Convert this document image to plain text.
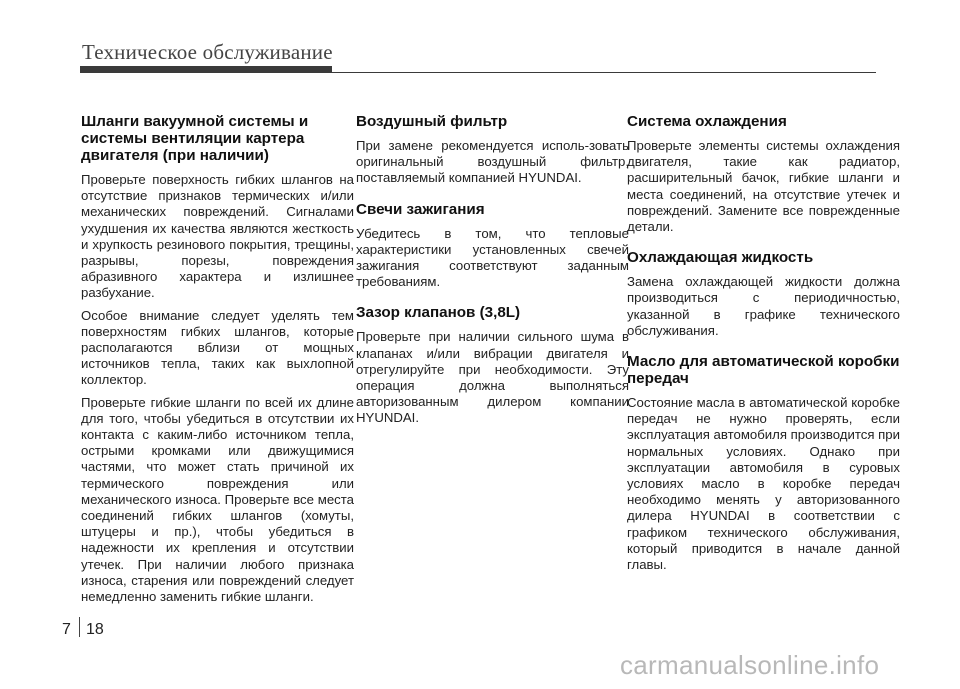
Техническое обслуживание
Шланги вакуумной системы и системы вентиляции картера двигателя (при наличии)

Проверьте поверхность гибких шлангов на отсутствие признаков термических и/или механических повреждений. Сигналами ухудшения их качества являются жесткость и хрупкость резинового покрытия, трещины, разрывы, порезы, повреждения абразивного характера и излишнее разбухание.

Особое внимание следует уделять тем поверхностям гибких шлангов, которые располагаются вблизи от мощных источников тепла, таких как выхлопной коллектор.

Проверьте гибкие шланги по всей их длине для того, чтобы убедиться в отсутствии их контакта с каким-либо источником тепла, острыми кромками или движущимися частями, что может стать причиной их термического повреждения или механического износа. Проверьте все места соединений гибких шлангов (хомуты, штуцеры и пр.), чтобы убедиться в надежности их крепления и отсутствии утечек. При наличии любого признака износа, старения или повреждений следует немедленно заменить гибкие шланги.

Воздушный фильтр

При замене рекомендуется исполь-зовать оригинальный воздушный фильтр, поставляемый компанией HYUNDAI.

Свечи зажигания

Убедитесь в том, что тепловые характеристики установленных свечей зажигания соответствуют заданным требованиям.

Зазор клапанов (3,8L)

Проверьте при наличии сильного шума в клапанах и/или вибрации двигателя и отрегулируйте при необходимости. Эту операция должна выполняться авторизованным дилером компании HYUNDAI.

Система охлаждения

Проверьте элементы системы охлаждения двигателя, такие как радиатор, расширительный бачок, гибкие шланги и места соединений, на отсутствие утечек и повреждений. Замените все поврежденные детали.

Охлаждающая жидкость

Замена охлаждающей жидкости должна производиться с периодичностью, указанной в графике технического обслуживания.

Масло для автоматической коробки передач

Состояние масла в автоматической коробке передач не нужно проверять, если эксплуатация автомобиля производится при нормальных условиях. Однако при эксплуатации автомобиля в суровых условиях масло в коробке передач необходимо менять у авторизованного дилера HYUNDAI в соответствии с графиком технического обслуживания, который приводится в начале данной главы.

7 18
carmanualsonline.info
